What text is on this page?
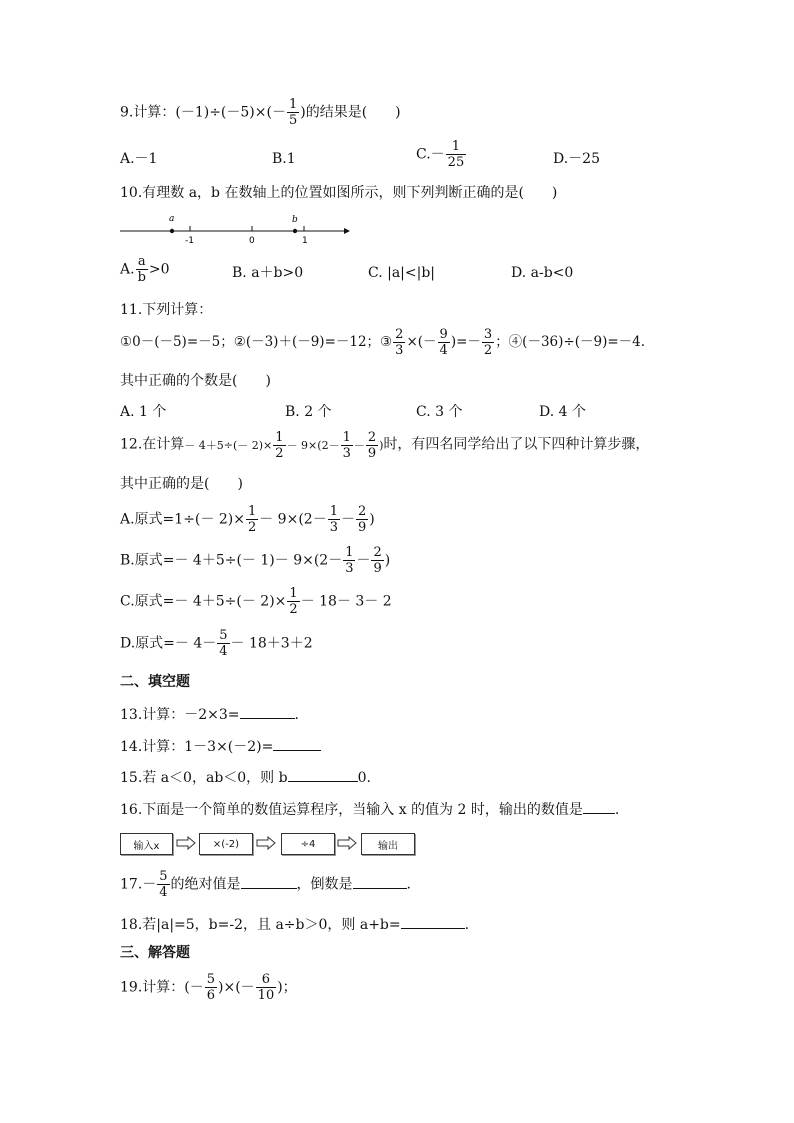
9.计算：$(-1)\div(-5)\times(- \frac{1}{5}$ )的结果是(　　)
A.－1	B.1	$C.- \frac{1}{25}$	D.－25
10.有理数 a，b 在数轴上的位置如图所示，则下列判断正确的是(　　)
a	b
-1	0	1
A. $\frac{a}{b} >0$	B. a＋b>0	C. |a|<|b|	D. a-b<0
11.下列计算：
①0－(－5)=－5；②(－3)＋(－9)=－12；③ $\frac{2}{3}$ ×(－ $\frac{9}{4}$ )=－ $\frac{3}{2}$ ；④(－36)÷(－9)=－4.
其中正确的个数是(　　)
A. 1 个	B. 2 个	C. 3 个	D. 4 个
12.在计算－ $4+5\div(- 2)\times \frac{1}{2} - 9\times(2- \frac{1}{3} - \frac{2}{9}$ )时，有四名同学给出了以下四种计算步骤，
其中正确的是(　　)
A.原式$=1\div(- 2)\times \frac{1}{2} - 9\times(2- \frac{1}{3} - \frac{2}{9}$ )
B.原式=－ $4+5\div(- 1)- 9\times(2- \frac{1}{3} - \frac{2}{9}$ )
C.原式=－ $4+5\div(- 2)\times \frac{1}{2} - 18- 3- 2$
D.原式=－ $4- \frac{5}{4} - 18+3+2$
二、填空题
13.计算：－2×3=	.
14.计算：1－3×(－2)=
15.若 a＜0，ab＜0，则 b	0.
16.下面是一个简单的数值运算程序，当输入 x 的值为 2 时，输出的数值是 .
输入x	×(-2)	÷4	输出
$17.- \frac{5}{4}$ 的绝对值是	，倒数是	.
18.若|a|=5，b=-2，且 a÷b＞0，则 a+b=	.
三、解答题
19.计算：(－ $\frac{5}{6}$ )×(－ $\frac{6}{10}$ )；
